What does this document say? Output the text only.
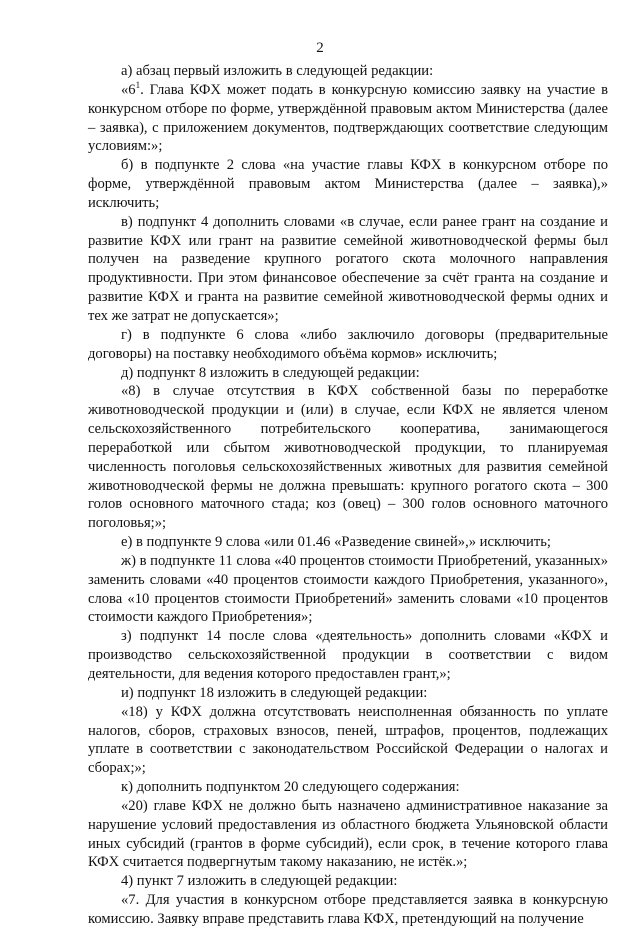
2

а) абзац первый изложить в следующей редакции:

«$6^1$. Глава КФХ может подать в конкурсную комиссию заявку на участие в конкурсном отборе по форме, утверждённой правовым актом Министерства (далее – заявка), с приложением документов, подтверждающих соответствие следующим условиям:»;

б) в подпункте 2 слова «на участие главы КФХ в конкурсном отборе по форме, утверждённой правовым актом Министерства (далее – заявка),» исключить;

в) подпункт 4 дополнить словами «в случае, если ранее грант на создание и развитие КФХ или грант на развитие семейной животноводческой фермы был получен на разведение крупного рогатого скота молочного направления продуктивности. При этом финансовое обеспечение за счёт гранта на создание и развитие КФХ и гранта на развитие семейной животноводческой фермы одних и тех же затрат не допускается»;

г) в подпункте 6 слова «либо заключило договоры (предварительные договоры) на поставку необходимого объёма кормов» исключить;

д) подпункт 8 изложить в следующей редакции:

«8) в случае отсутствия в КФХ собственной базы по переработке животноводческой продукции и (или) в случае, если КФХ не является членом сельскохозяйственного потребительского кооператива, занимающегося переработкой или сбытом животноводческой продукции, то планируемая численность поголовья сельскохозяйственных животных для развития семейной животноводческой фермы не должна превышать: крупного рогатого скота – 300 голов основного маточного стада; коз (овец) – 300 голов основного маточного поголовья;»;

е) в подпункте 9 слова «или 01.46 «Разведение свиней»,» исключить;

ж) в подпункте 11 слова «40 процентов стоимости Приобретений, указанных» заменить словами «40 процентов стоимости каждого Приобретения, указанного», слова «10 процентов стоимости Приобретений» заменить словами «10 процентов стоимости каждого Приобретения»;

з) подпункт 14 после слова «деятельность» дополнить словами «КФХ и производство сельскохозяйственной продукции в соответствии с видом деятельности, для ведения которого предоставлен грант,»;

и) подпункт 18 изложить в следующей редакции:

«18) у КФХ должна отсутствовать неисполненная обязанность по уплате налогов, сборов, страховых взносов, пеней, штрафов, процентов, подлежащих уплате в соответствии с законодательством Российской Федерации о налогах и сборах;»;

к) дополнить подпунктом 20 следующего содержания:

«20) главе КФХ не должно быть назначено административное наказание за нарушение условий предоставления из областного бюджета Ульяновской области иных субсидий (грантов в форме субсидий), если срок, в течение которого глава КФХ считается подвергнутым такому наказанию, не истёк.»;

4) пункт 7 изложить в следующей редакции:

«7. Для участия в конкурсном отборе представляется заявка в конкурсную комиссию. Заявку вправе представить глава КФХ, претендующий на получение
